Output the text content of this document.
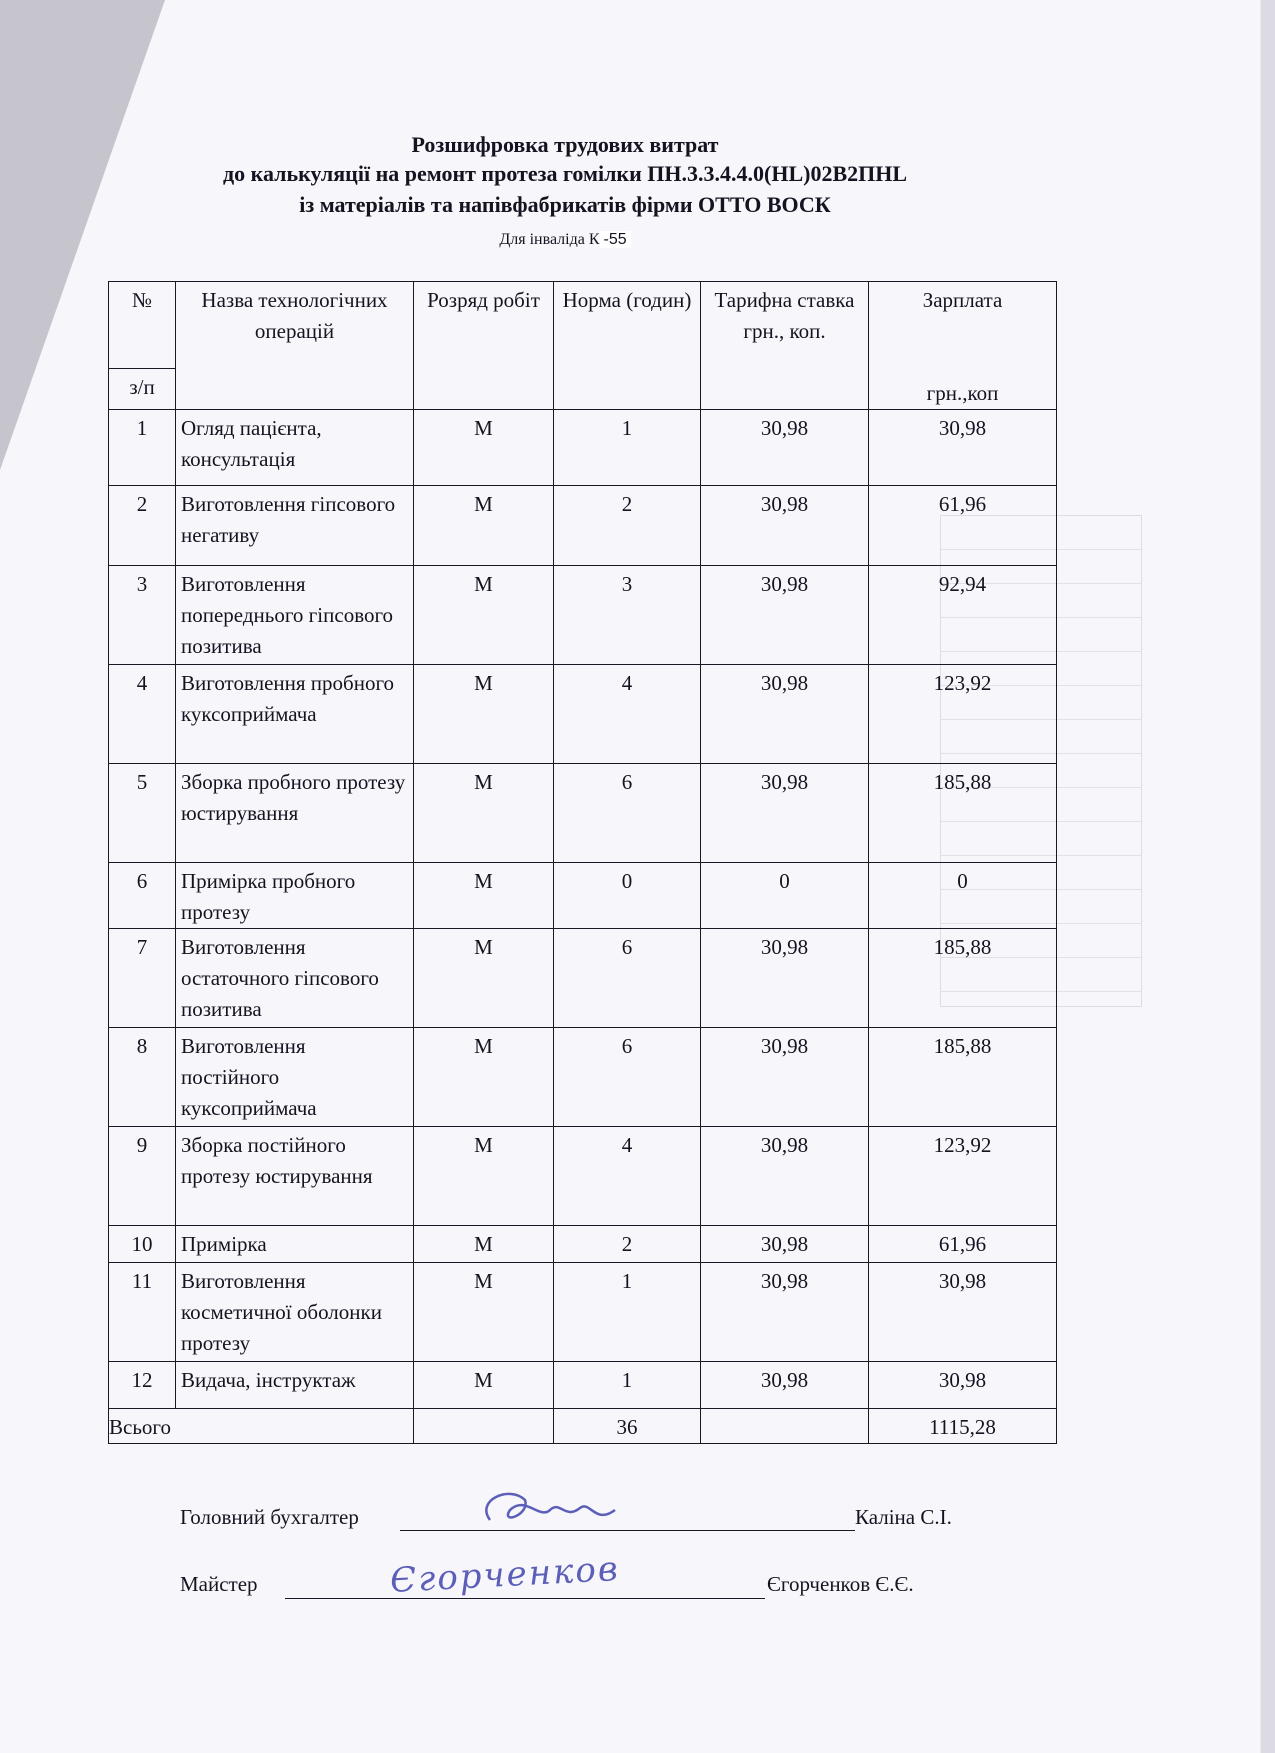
Розшифровка трудових витрат
до калькуляції на ремонт протеза гомілки ПН.3.3.4.4.0(HL)02В2ПНL
із матеріалів та напівфабрикатів фірми ОТТО ВОСК
Для інваліда К -55
№	Назва технологічних операцій	Розряд робіт	Норма (годин)	Тарифна ставка грн., коп.	Зарплата
грн.,коп

з/п					
1	Огляд пацієнта, консультація	М	1	30,98	30,98
2	Виготовлення гіпсового негативу	М	2	30,98	61,96
3	Виготовлення попереднього гіпсового позитива	М	3	30,98	92,94
4	Виготовлення пробного куксоприймача	М	4	30,98	123,92
5	Зборка пробного протезу юстирування	М	6	30,98	185,88
6	Примірка пробного протезу	М	0	0	0
7	Виготовлення остаточного гіпсового позитива	М	6	30,98	185,88
8	Виготовлення постійного куксоприймача	М	6	30,98	185,88
9	Зборка постійного протезу юстирування	М	4	30,98	123,92
10	Примірка	М	2	30,98	61,96
11	Виготовлення косметичної оболонки протезу	М	1	30,98	30,98
12	Видача, інструктаж	М	1	30,98	30,98
Всього			36		1115,28
Головний бухгалтер	Каліна С.І.
Майстер	Єгорченков Є.Є.
Єгорченков
